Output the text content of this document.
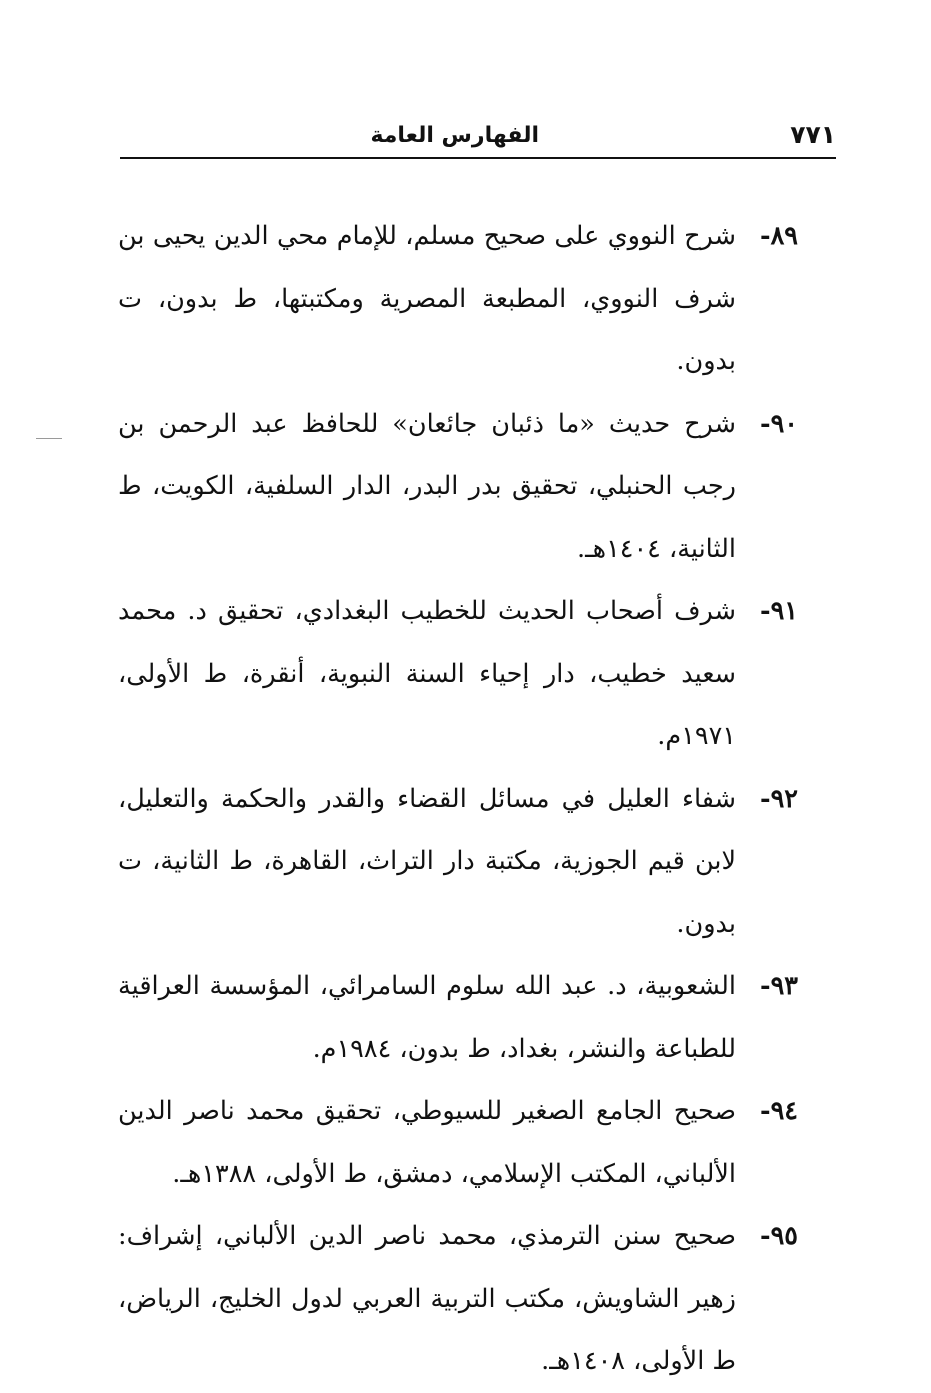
٧٧١
الفهارس العامة

٨٩-
شرح النووي على صحيح مسلم، للإمام محي الدين يحيى بن شرف النووي، المطبعة المصرية ومكتبتها، ط بدون، ت بدون.

٩٠-
شرح حديث «ما ذئبان جائعان» للحافظ عبد الرحمن بن رجب الحنبلي، تحقيق بدر البدر، الدار السلفية، الكويت، ط الثانية، ١٤٠٤هـ.

٩١-
شرف أصحاب الحديث للخطيب البغدادي، تحقيق د. محمد سعيد خطيب، دار إحياء السنة النبوية، أنقرة، ط الأولى، ١٩٧١م.

٩٢-
شفاء العليل في مسائل القضاء والقدر والحكمة والتعليل، لابن قيم الجوزية، مكتبة دار التراث، القاهرة، ط الثانية، ت بدون.

٩٣-
الشعوبية، د. عبد الله سلوم السامرائي، المؤسسة العراقية للطباعة والنشر، بغداد، ط بدون، ١٩٨٤م.

٩٤-
صحيح الجامع الصغير للسيوطي، تحقيق محمد ناصر الدين الألباني، المكتب الإسلامي، دمشق، ط الأولى، ١٣٨٨هـ.

٩٥-
صحيح سنن الترمذي، محمد ناصر الدين الألباني، إشراف: زهير الشاويش، مكتب التربية العربي لدول الخليج، الرياض، ط الأولى، ١٤٠٨هـ.
